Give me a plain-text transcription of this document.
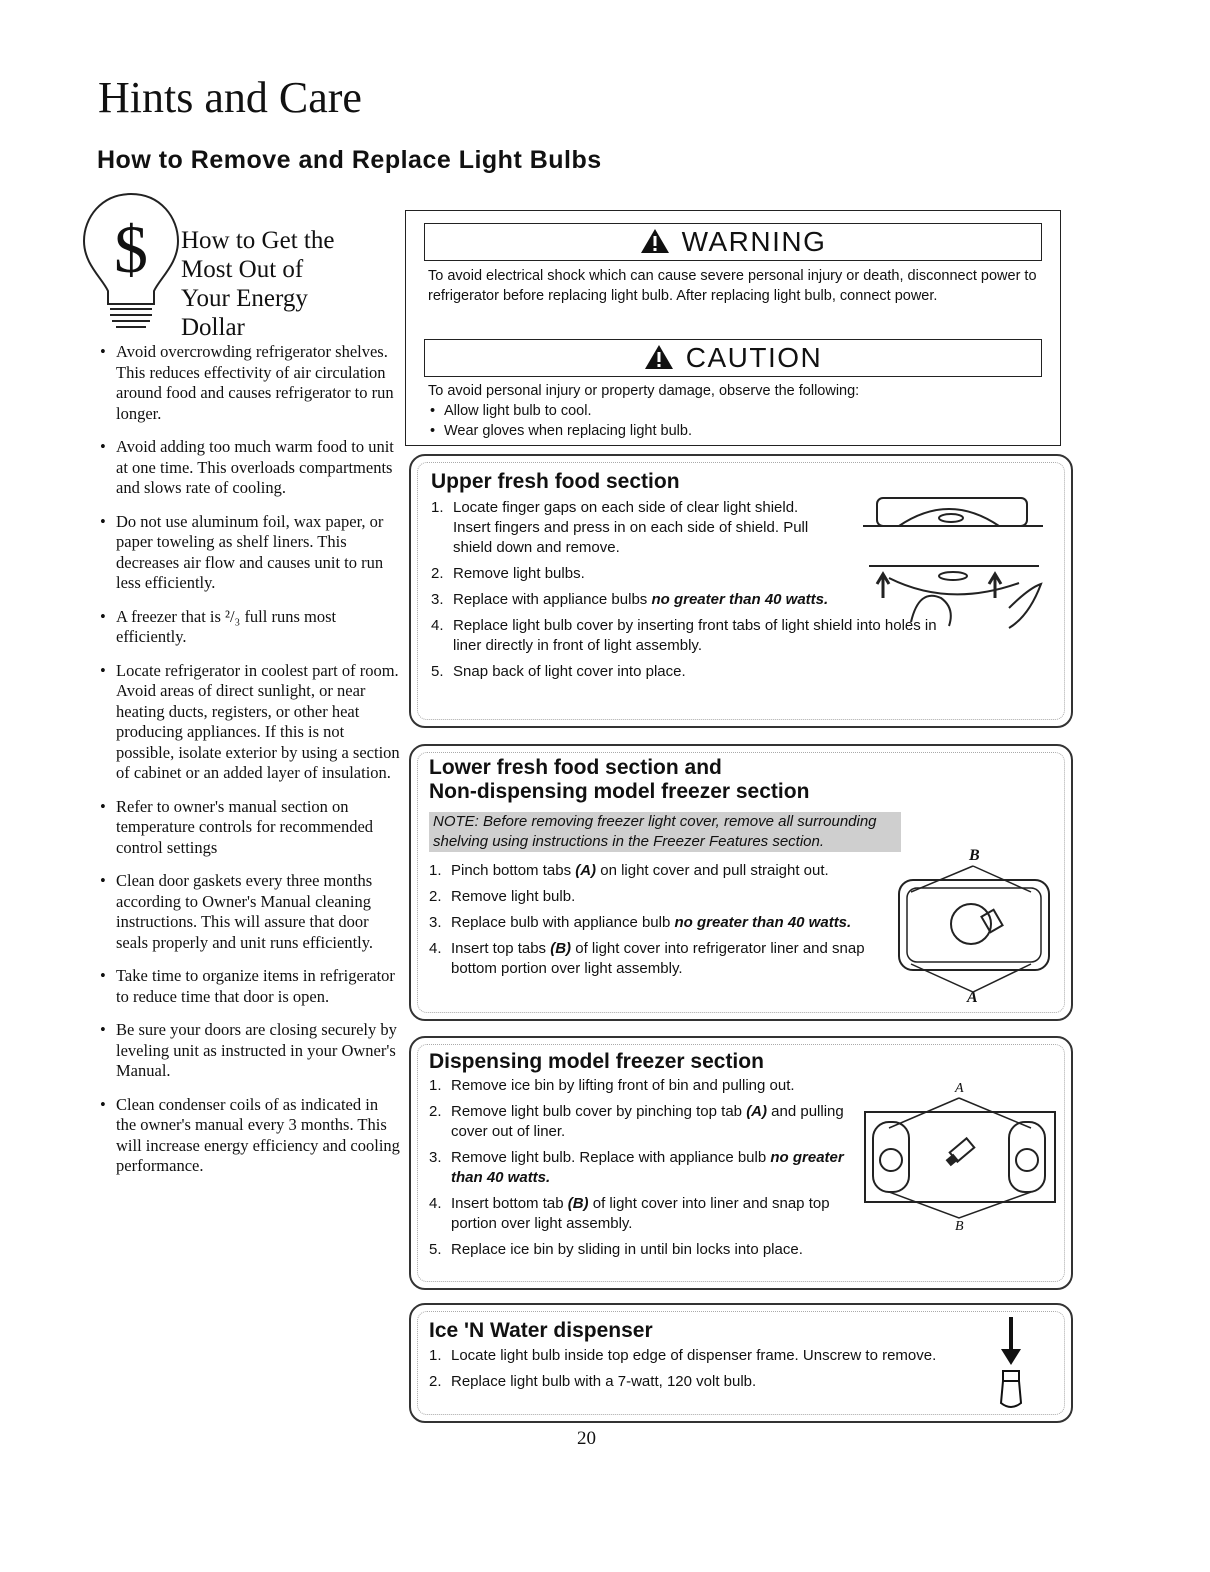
Hints and Care
How to Remove and Replace Light Bulbs
$ How to Get the
Most Out of
Your Energy
Dollar
• Avoid overcrowding refrigerator shelves. This reduces effectivity of air circulation around food and causes refrigerator to run longer.
• Avoid adding too much warm food to unit at one time. This overloads compartments and slows rate of cooling.
• Do not use aluminum foil, wax paper, or paper toweling as shelf liners. This decreases air flow and causes unit to run less efficiently.
• A freezer that is ²/₃ full runs most efficiently.
• Locate refrigerator in coolest part of room. Avoid areas of direct sunlight, or near heating ducts, registers, or other heat producing appliances. If this is not possible, isolate exterior by using a section of cabinet or an added layer of insulation.
• Refer to owner's manual section on temperature controls for recommended control settings
• Clean door gaskets every three months according to Owner's Manual cleaning instructions. This will assure that door seals properly and unit runs efficiently.
• Take time to organize items in refrigerator to reduce time that door is open.
• Be sure your doors are closing securely by leveling unit as instructed in your Owner's Manual.
• Clean condenser coils of as indicated in the owner's manual every 3 months. This will increase energy efficiency and cooling performance.
WARNING
To avoid electrical shock which can cause severe personal injury or death, disconnect power to refrigerator before replacing light bulb. After replacing light bulb, connect power.
CAUTION
To avoid personal injury or property damage, observe the following:
• Allow light bulb to cool.
• Wear gloves when replacing light bulb.
Upper fresh food section
1. Locate finger gaps on each side of clear light shield. Insert fingers and press in on each side of shield. Pull shield down and remove.
2. Remove light bulbs.
3. Replace with appliance bulbs no greater than 40 watts.
4. Replace light bulb cover by inserting front tabs of light shield into holes in liner directly in front of light assembly.
5. Snap back of light cover into place.
Lower fresh food section and
Non-dispensing model freezer section
NOTE: Before removing freezer light cover, remove all surrounding shelving using instructions in the Freezer Features section.
1. Pinch bottom tabs (A) on light cover and pull straight out.
2. Remove light bulb.
3. Replace bulb with appliance bulb no greater than 40 watts.
4. Insert top tabs (B) of light cover into refrigerator liner and snap bottom portion over light assembly.
B
A
Dispensing model freezer section
1. Remove ice bin by lifting front of bin and pulling out.
2. Remove light bulb cover by pinching top tab (A) and pulling cover out of liner.
3. Remove light bulb. Replace with appliance bulb no greater than 40 watts.
4. Insert bottom tab (B) of light cover into liner and snap top portion over light assembly.
5. Replace ice bin by sliding in until bin locks into place.
A
B
Ice 'N Water dispenser
1. Locate light bulb inside top edge of dispenser frame. Unscrew to remove.
2. Replace light bulb with a 7-watt, 120 volt bulb.
20
